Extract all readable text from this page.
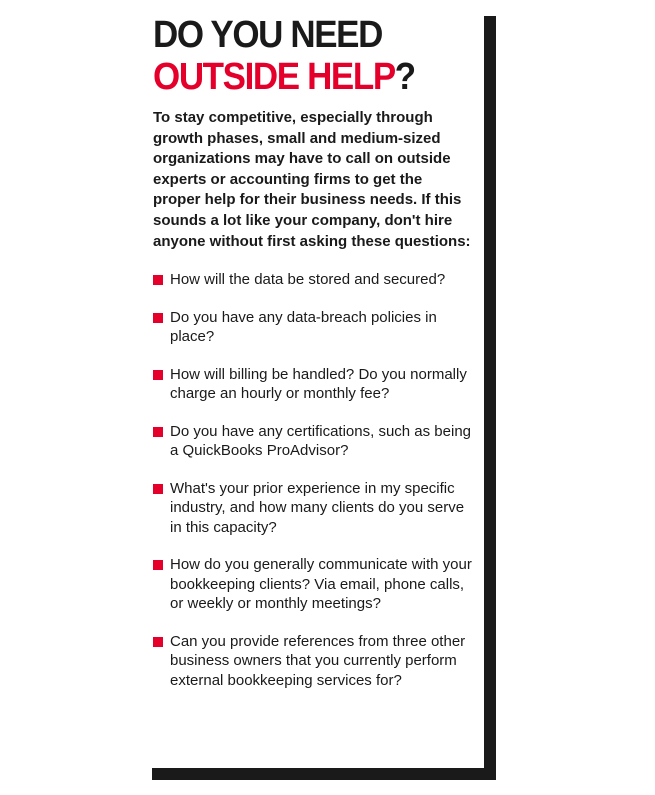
DO YOU NEED
OUTSIDE HELP?

To stay competitive, especially through growth phases, small and medium-sized organizations may have to call on outside experts or accounting firms to get the proper help for their business needs. If this sounds a lot like your company, don't hire anyone without first asking these questions:

How will the data be stored and secured?
Do you have any data-breach policies in place?
How will billing be handled? Do you normally charge an hourly or monthly fee?
Do you have any certifications, such as being a QuickBooks ProAdvisor?
What's your prior experience in my specific industry, and how many clients do you serve in this capacity?
How do you generally communicate with your bookkeeping clients? Via email, phone calls, or weekly or monthly meetings?
Can you provide references from three other business owners that you currently perform external bookkeeping services for?
